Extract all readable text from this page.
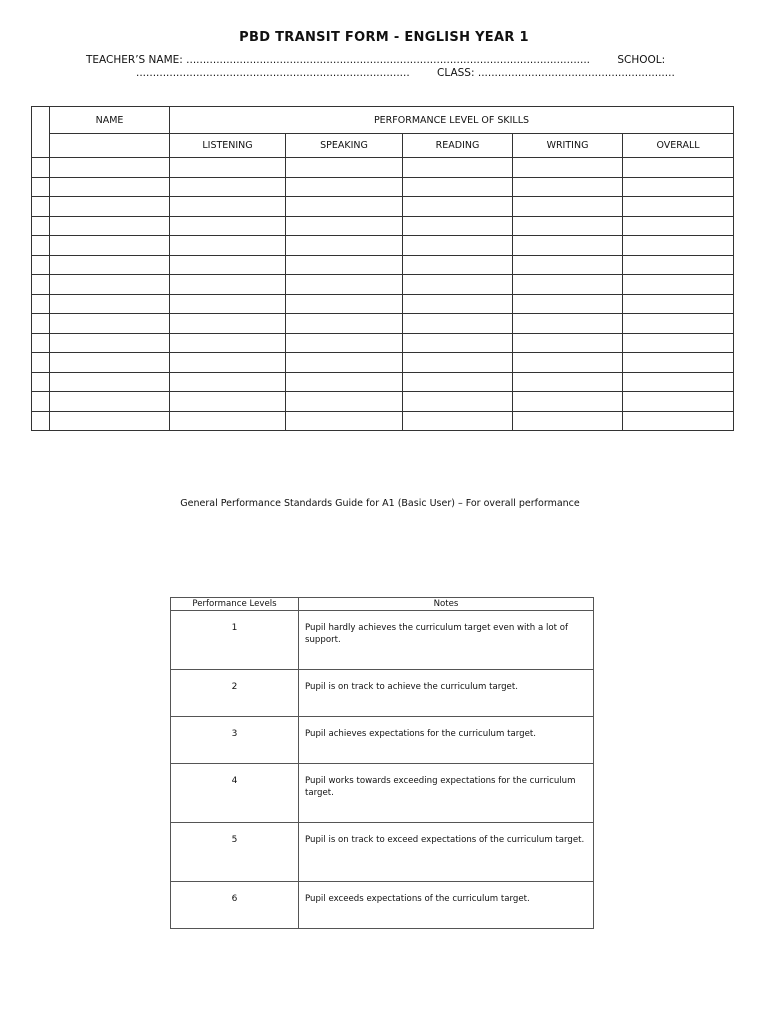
PBD TRANSIT FORM - ENGLISH YEAR 1
TEACHER’S NAME: .........................................................................................................................	SCHOOL:
..................................................................................	CLASS: ...........................................................
	NAME	PERFORMANCE LEVEL OF SKILLS				
		LISTENING	SPEAKING	READING	WRITING	OVERALL

General Performance Standards Guide for A1 (Basic User) – For overall performance
Performance Levels	Notes
1	Pupil hardly achieves the curriculum target even with a lot of support.
2	Pupil is on track to achieve the curriculum target.
3	Pupil achieves expectations for the curriculum target.
4	Pupil works towards exceeding expectations for the curriculum target.
5	Pupil is on track to exceed expectations of the curriculum target.
6	Pupil exceeds expectations of the curriculum target.
